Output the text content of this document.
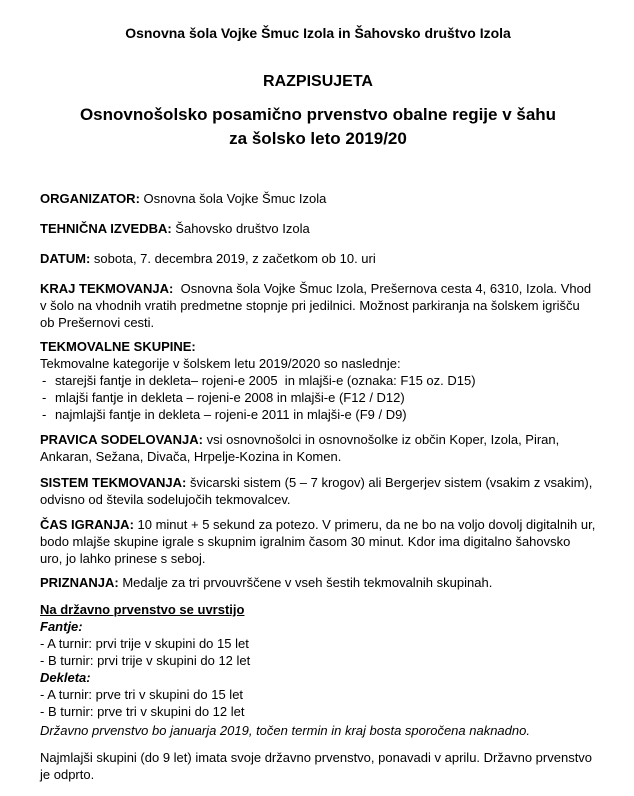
Osnovna šola Vojke Šmuc Izola in Šahovsko društvo Izola
RAZPISUJETA
Osnovnošolsko posamično prvenstvo obalne regije v šahu
za šolsko leto 2019/20
ORGANIZATOR: Osnovna šola Vojke Šmuc Izola
TEHNIČNA IZVEDBA: Šahovsko društvo Izola
DATUM: sobota, 7. decembra 2019, z začetkom ob 10. uri
KRAJ TEKMOVANJA:  Osnovna šola Vojke Šmuc Izola, Prešernova cesta 4, 6310, Izola. Vhod v šolo na vhodnih vratih predmetne stopnje pri jedilnici. Možnost parkiranja na šolskem igrišču ob Prešernovi cesti.
TEKMOVALNE SKUPINE:
Tekmovalne kategorije v šolskem letu 2019/2020 so naslednje:
- starejši fantje in dekleta– rojeni-e 2005  in mlajši-e (oznaka: F15 oz. D15)
- mlajši fantje in dekleta – rojeni-e 2008 in mlajši-e (F12 / D12)
- najmlajši fantje in dekleta – rojeni-e 2011 in mlajši-e (F9 / D9)
PRAVICA SODELOVANJA: vsi osnovnošolci in osnovnošolke iz občin Koper, Izola, Piran, Ankaran, Sežana, Divača, Hrpelje-Kozina in Komen.
SISTEM TEKMOVANJA: švicarski sistem (5 – 7 krogov) ali Bergerjev sistem (vsakim z vsakim), odvisno od števila sodelujočih tekmovalcev.
ČAS IGRANJA: 10 minut + 5 sekund za potezo. V primeru, da ne bo na voljo dovolj digitalnih ur, bodo mlajše skupine igrale s skupnim igralnim časom 30 minut. Kdor ima digitalno šahovsko uro, jo lahko prinese s seboj.
PRIZNANJA: Medalje za tri prvouvrščene v vseh šestih tekmovalnih skupinah.
Na državno prvenstvo se uvrstijo
Fantje:
- A turnir: prvi trije v skupini do 15 let
- B turnir: prvi trije v skupini do 12 let
Dekleta:
- A turnir: prve tri v skupini do 15 let
- B turnir: prve tri v skupini do 12 let
Državno prvenstvo bo januarja 2019, točen termin in kraj bosta sporočena naknadno.
Najmlajši skupini (do 9 let) imata svoje državno prvenstvo, ponavadi v aprilu. Državno prvenstvo je odprto.
